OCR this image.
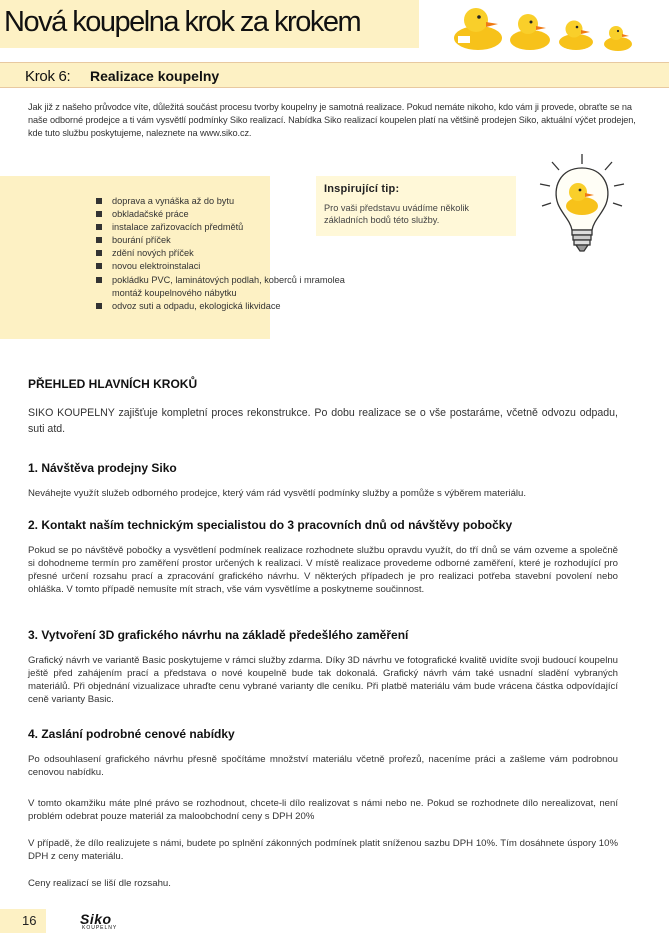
Nová koupelna krok za krokem
Krok 6: Realizace koupelny

Jak již z našeho průvodce víte, důležitá součást procesu tvorby koupelny je samotná realizace. Pokud nemáte nikoho, kdo vám ji provede, obraťte se na naše odborné prodejce a ti vám vysvětlí podmínky Siko realizací. Nabídka Siko realizací koupelen platí na většině prodejen Siko, aktuální výčet prodejen, kde tuto službu poskytujeme, naleznete na www.siko.cz.

Inspirující tip:
Pro vaši představu uvádíme několik základních bodů této služby.
doprava a vynáška až do bytu
obkladačské práce
instalace zařizovacích předmětů
bourání příček
zdění nových příček
novou elektroinstalaci
pokládku PVC, laminátových podlah, koberců i mramolea
montáž koupelnového nábytku
odvoz suti a odpadu, ekologická likvidace
PŘEHLED HLAVNÍCH KROKŮ

SIKO KOUPELNY zajišťuje kompletní proces rekonstrukce. Po dobu realizace se o vše postaráme, včetně odvozu odpadu, suti atd.

1. Návštěva prodejny Siko

Neváhejte využít služeb odborného prodejce, který vám rád vysvětlí podmínky služby a pomůže s výběrem materiálu.

2. Kontakt naším technickým specialistou do 3 pracovních dnů od návštěvy pobočky

Pokud se po návštěvě pobočky a vysvětlení podmínek realizace rozhodnete službu opravdu využít, do tří dnů se vám ozveme a společně si dohodneme termín pro zaměření prostor určených k realizaci. V místě realizace provedeme odborné zaměření, které je rozhodující pro přesné určení rozsahu prací a zpracování grafického návrhu. V některých případech je pro realizaci potřeba stavební povolení nebo ohláška. V tomto případě nemusíte mít strach, vše vám vysvětlíme a poskytneme součinnost.

3. Vytvoření 3D grafického návrhu na základě předešlého zaměření

Grafický návrh ve variantě Basic poskytujeme v rámci služby zdarma. Díky 3D návrhu ve fotografické kvalitě uvidíte svoji budoucí koupelnu ještě před zahájením prací a představa o nové koupelně bude tak dokonalá. Grafický návrh vám také usnadní sladění vybraných materiálů. Při objednání vizualizace uhraďte cenu vybrané varianty dle ceníku. Při platbě materiálu vám bude vrácena částka odpovídající ceně varianty Basic.

4. Zaslání podrobné cenové nabídky

Po odsouhlasení grafického návrhu přesně spočítáme množství materiálu včetně prořezů, naceníme práci a zašleme vám podrobnou cenovou nabídku.

V tomto okamžiku máte plné právo se rozhodnout, chcete-li dílo realizovat s námi nebo ne. Pokud se rozhodnete dílo nerealizovat, není problém odebrat pouze materiál za maloobchodní ceny s DPH 20%

V případě, že dílo realizujete s námi, budete po splnění zákonných podmínek platit sníženou sazbu DPH 10%. Tím dosáhnete úspory 10% DPH z ceny materiálu.

Ceny realizací se liší dle rozsahu.

16	Siko
KOUPELNY
